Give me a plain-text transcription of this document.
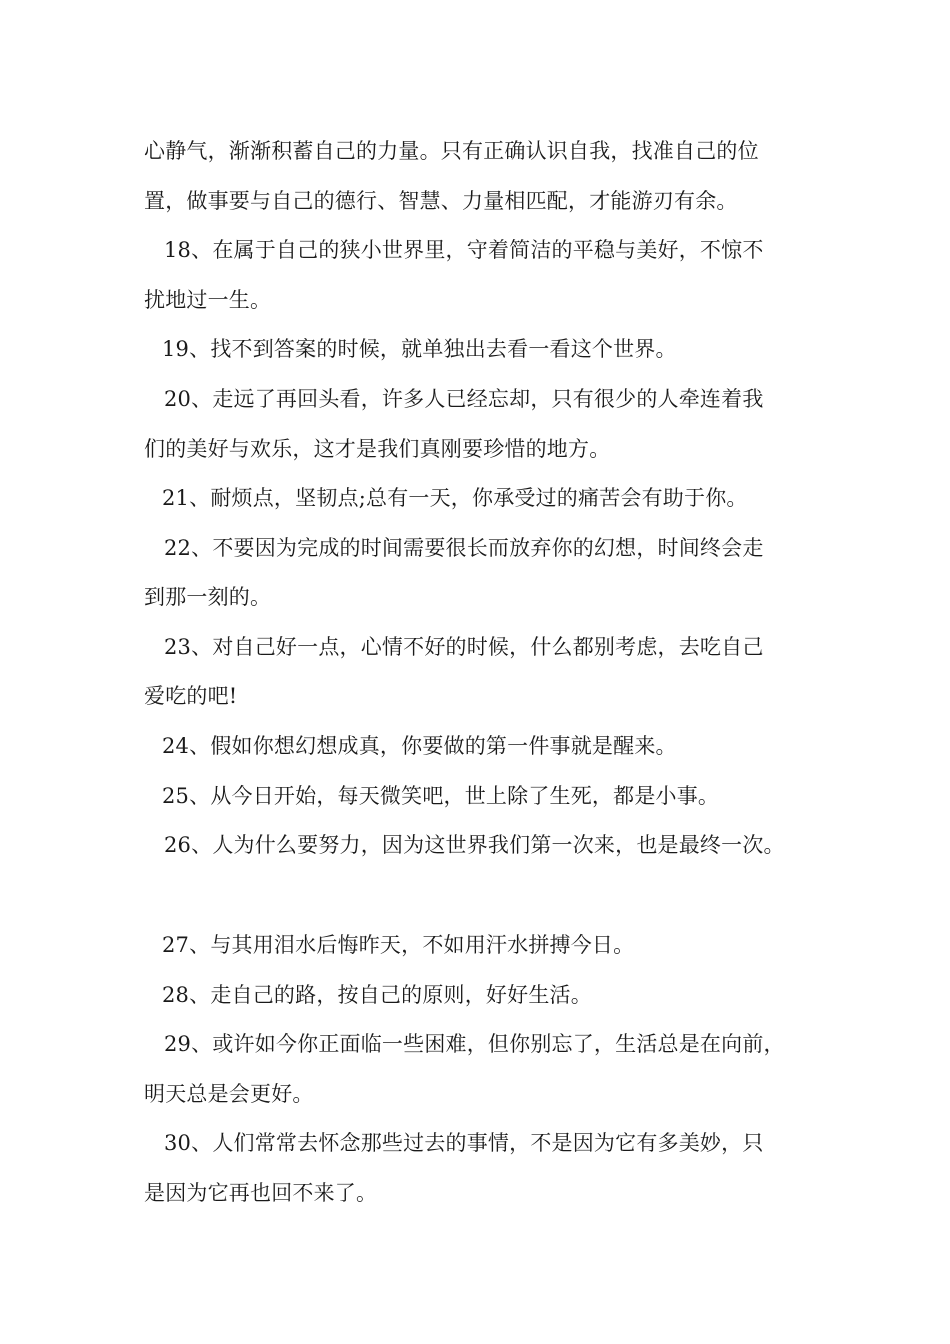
心静气，渐渐积蓄自己的力量。只有正确认识自我，找准自己的位
置，做事要与自己的德行、智慧、力量相匹配，才能游刃有余。
18、在属于自己的狭小世界里，守着简洁的平稳与美好，不惊不
扰地过一生。
19、找不到答案的时候，就单独出去看一看这个世界。
20、走远了再回头看，许多人已经忘却，只有很少的人牵连着我
们的美好与欢乐，这才是我们真刚要珍惜的地方。
21、耐烦点，坚韧点;总有一天，你承受过的痛苦会有助于你。
22、不要因为完成的时间需要很长而放弃你的幻想，时间终会走
到那一刻的。
23、对自己好一点，心情不好的时候，什么都别考虑，去吃自己
爱吃的吧!
24、假如你想幻想成真，你要做的第一件事就是醒来。
25、从今日开始，每天微笑吧，世上除了生死，都是小事。
26、人为什么要努力，因为这世界我们第一次来，也是最终一次。
27、与其用泪水后悔昨天，不如用汗水拼搏今日。
28、走自己的路，按自己的原则，好好生活。
29、或许如今你正面临一些困难，但你别忘了，生活总是在向前，
明天总是会更好。
30、人们常常去怀念那些过去的事情，不是因为它有多美妙，只
是因为它再也回不来了。
